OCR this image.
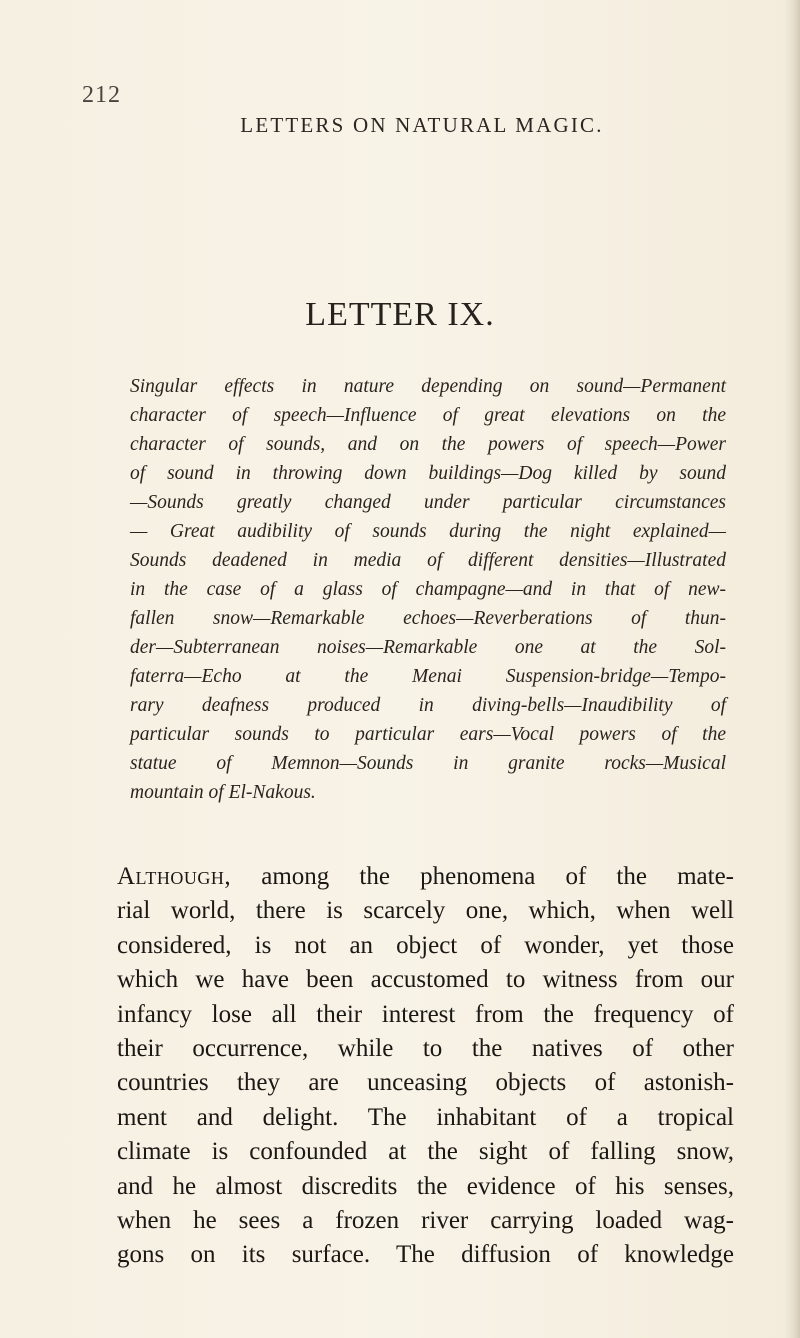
212
LETTERS ON NATURAL MAGIC.
LETTER IX.

Singular effects in nature depending on sound—Permanent
character of speech—Influence of great elevations on the
character of sounds, and on the powers of speech—Power
of sound in throwing down buildings—Dog killed by sound
—Sounds greatly changed under particular circumstances
— Great audibility of sounds during the night explained—
Sounds deadened in media of different densities—Illustrated
in the case of a glass of champagne—and in that of new-
fallen snow—Remarkable echoes—Reverberations of thun-
der—Subterranean noises—Remarkable one at the Sol-
faterra—Echo at the Menai Suspension-bridge—Tempo-
rary deafness produced in diving-bells—Inaudibility of
particular sounds to particular ears—Vocal powers of the
statue of Memnon—Sounds in granite rocks—Musical
mountain of El-Nakous.

Although, among the phenomena of the mate-
rial world, there is scarcely one, which, when well
considered, is not an object of wonder, yet those
which we have been accustomed to witness from our
infancy lose all their interest from the frequency of
their occurrence, while to the natives of other
countries they are unceasing objects of astonish-
ment and delight. The inhabitant of a tropical
climate is confounded at the sight of falling snow,
and he almost discredits the evidence of his senses,
when he sees a frozen river carrying loaded wag-
gons on its surface. The diffusion of knowledge
